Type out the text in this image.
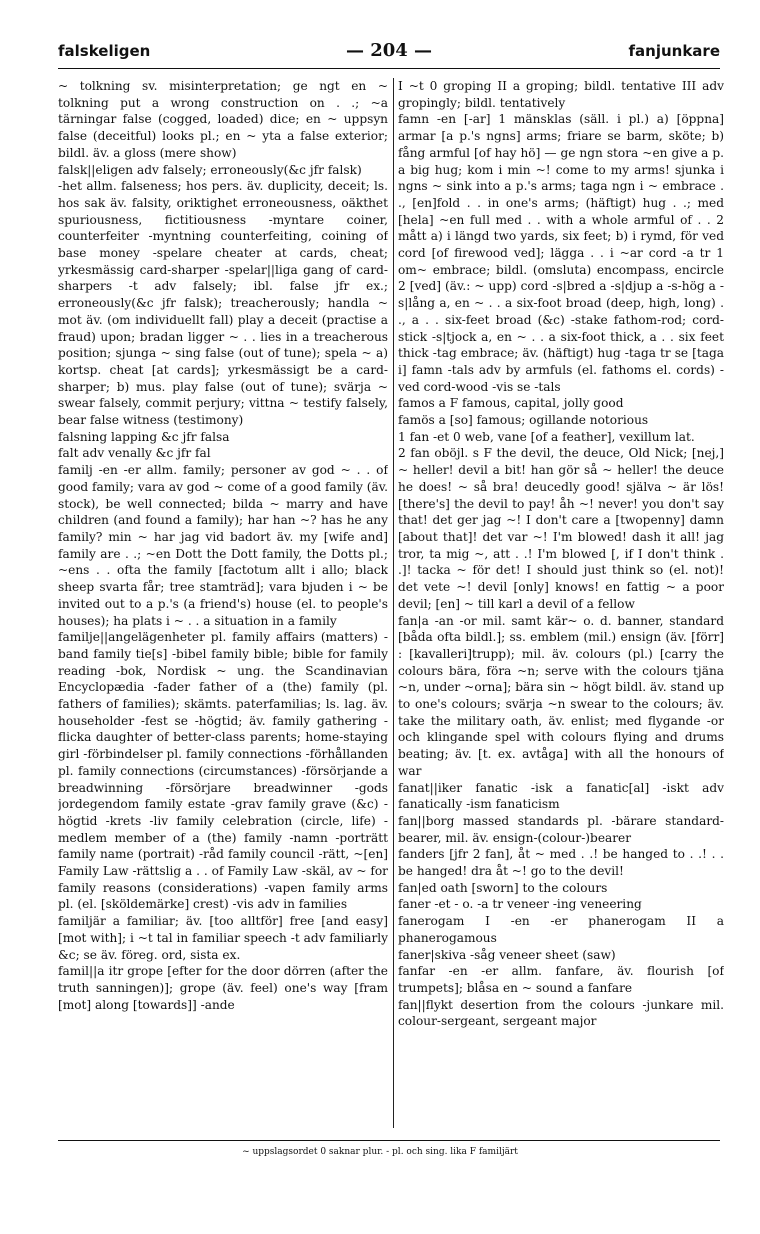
falskeligen	— 204 —	fanjunkare

~ tolkning sv. misinterpretation; ge ngt en ~ tolkning put a wrong construction on . .; ~a tärningar false (cogged, loaded) dice; en ~ uppsyn false (deceitful) looks pl.; en ~ yta a false exterior; bildl. äv. a gloss (mere show)

falsk||eligen adv falsely; erroneously(&c jfr falsk)

-het allm. falseness; hos pers. äv. duplicity, deceit; ls. hos sak äv. falsity, oriktighet erroneousness, oäkthet spuriousness, fictitiousness -myntare coiner, counterfeiter -myntning counterfeiting, coining of base money -spelare cheater at cards, cheat; yrkesmässig card-sharper -spelar||liga gang of card-sharpers -t adv falsely; ibl. false jfr ex.; erroneously(&c jfr falsk); treacherously; handla ~ mot äv. (om individuellt fall) play a deceit (practise a fraud) upon; bradan ligger ~ . . lies in a treacherous position; sjunga ~ sing false (out of tune); spela ~ a) kortsp. cheat [at cards]; yrkesmässigt be a card-sharper; b) mus. play false (out of tune); svärja ~ swear falsely, commit perjury; vittna ~ testify falsely, bear false witness (testimony)

falsning lapping &c jfr falsa

falt adv venally &c jfr fal

familj -en -er allm. family; personer av god ~ . . of good family; vara av god ~ come of a good family (äv. stock), be well connected; bilda ~ marry and have children (and found a family); har han ~? has he any family? min ~ har jag vid badort äv. my [wife and] family are . .; ~en Dott the Dott family, the Dotts pl.; ~ens . . ofta the family [factotum allt i allo; black sheep svarta får; tree stamträd]; vara bjuden i ~ be invited out to a p.'s (a friend's) house (el. to people's houses); ha plats i ~ . . a situation in a family

familje||angelägenheter pl. family affairs (matters) -band family tie[s] -bibel family bible; bible for family reading -bok, Nordisk ~ ung. the Scandinavian Encyclopædia -fader father of a (the) family (pl. fathers of families); skämts. paterfamilias; ls. lag. äv. householder -fest se -högtid; äv. family gathering -flicka daughter of better-class parents; home-staying girl -förbindelser pl. family connections -förhållanden pl. family connections (circumstances) -försörjande a breadwinning -försörjare breadwinner -gods jordegendom family estate -grav family grave (&c) -högtid -krets -liv family celebration (circle, life) -medlem member of a (the) family -namn -porträtt family name (portrait) -råd family council -rätt, ~[en] Family Law -rättslig a . . of Family Law -skäl, av ~ for family reasons (considerations) -vapen family arms pl. (el. [sköldemärke] crest) -vis adv in families

familjär a familiar; äv. [too alltför] free [and easy] [mot with]; i ~t tal in familiar speech -t adv familiarly &c; se äv. föreg. ord, sista ex.

famil||a itr grope [efter for the door dörren (after the truth sanningen)]; grope (äv. feel) one's way [fram [mot] along [towards]] -ande

I ~t 0 groping II a groping; bildl. tentative III adv gropingly; bildl. tentatively

famn -en [-ar] 1 mänsklas (säll. i pl.) a) [öppna] armar [a p.'s ngns] arms; friare se barm, sköte; b) fång armful [of hay hö] — ge ngn stora ~en give a p. a big hug; kom i min ~! come to my arms! sjunka i ngns ~ sink into a p.'s arms; taga ngn i ~ embrace . ., [en]fold . . in one's arms; (häftigt) hug . .; med [hela] ~en full med . . with a whole armful of . . 2 mått a) i längd two yards, six feet; b) i rymd, för ved cord [of firewood ved]; lägga . . i ~ar cord -a tr 1 om~ embrace; bildl. (omsluta) encompass, encircle 2 [ved] (äv.: ~ upp) cord -s|bred a -s|djup a -s-hög a -s|lång a, en ~ . . a six-foot broad (deep, high, long) . ., a . . six-feet broad (&c) -stake fathom-rod; cord-stick -s|tjock a, en ~ . . a six-foot thick, a . . six feet thick -tag embrace; äv. (häftigt) hug -taga tr se [taga i] famn -tals adv by armfuls (el. fathoms el. cords) -ved cord-wood -vis se -tals

famos a F famous, capital, jolly good

famös a [so] famous; ogillande notorious

1 fan -et 0 web, vane [of a feather], vexillum lat.

2 fan oböjl. s F the devil, the deuce, Old Nick; [nej,] ~ heller! devil a bit! han gör så ~ heller! the deuce he does! ~ så bra! deucedly good! själva ~ är lös! [there's] the devil to pay! åh ~! never! you don't say that! det ger jag ~! I don't care a [twopenny] damn [about that]! det var ~! I'm blowed! dash it all! jag tror, ta mig ~, att . .! I'm blowed [, if I don't think . .]! tacka ~ för det! I should just think so (el. not)! det vete ~! devil [only] knows! en fattig ~ a poor devil; [en] ~ till karl a devil of a fellow

fan|a -an -or mil. samt kär~ o. d. banner, standard [båda ofta bildl.]; ss. emblem (mil.) ensign (äv. [förr] : [kavalleri]trupp); mil. äv. colours (pl.) [carry the colours bära, föra ~n; serve with the colours tjäna ~n, under ~orna]; bära sin ~ högt bildl. äv. stand up to one's colours; svärja ~n swear to the colours; äv. take the military oath, äv. enlist; med flygande -or och klingande spel with colours flying and drums beating; äv. [t. ex. avtåga] with all the honours of war

fanat||iker fanatic -isk a fanatic[al] -iskt adv fanatically -ism fanaticism

fan||borg massed standards pl. -bärare standard-bearer, mil. äv. ensign-(colour-)bearer

fanders [jfr 2 fan], åt ~ med . .! be hanged to . .! . . be hanged! dra åt ~! go to the devil!

fan|ed oath [sworn] to the colours

faner -et - o. -a tr veneer -ing veneering

fanerogam I -en -er phanerogam II a phanerogamous

faner|skiva -såg veneer sheet (saw)

fanfar -en -er allm. fanfare, äv. flourish [of trumpets]; blåsa en ~ sound a fanfare

fan||flykt desertion from the colours -junkare mil. colour-sergeant, sergeant major

~ uppslagsordet 0 saknar plur. - pl. och sing. lika F familjärt
